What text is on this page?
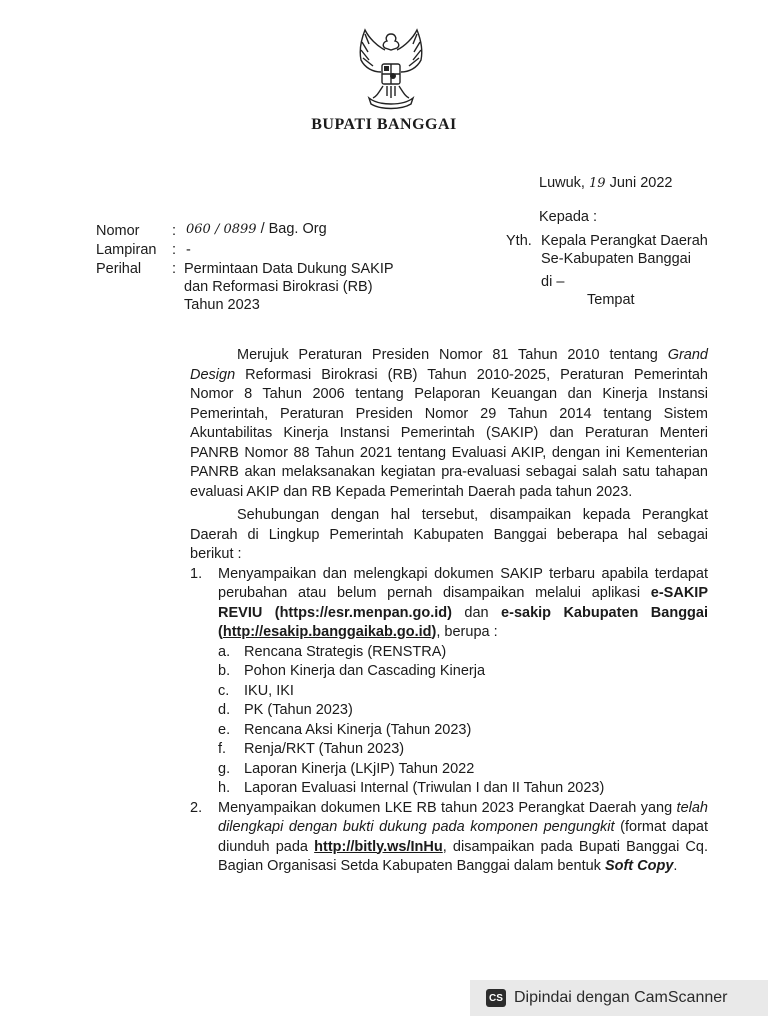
BUPATI BANGGAI
Luwuk, 19 Juni 2022
Kepada :
Yth. Kepala Perangkat Daerah
Se-Kabupaten Banggai
di –
Tempat
Nomor : 060 / 0899 / Bag. Org
Lampiran : -
Perihal : Permintaan Data Dukung SAKIP
dan Reformasi Birokrasi (RB)
Tahun 2023

Merujuk Peraturan Presiden Nomor 81 Tahun 2010 tentang Grand Design Reformasi Birokrasi (RB) Tahun 2010-2025, Peraturan Pemerintah Nomor 8 Tahun 2006 tentang Pelaporan Keuangan dan Kinerja Instansi Pemerintah, Peraturan Presiden Nomor 29 Tahun 2014 tentang Sistem Akuntabilitas Kinerja Instansi Pemerintah (SAKIP) dan Peraturan Menteri PANRB Nomor 88 Tahun 2021 tentang Evaluasi AKIP, dengan ini Kementerian PANRB akan melaksanakan kegiatan pra-evaluasi sebagai salah satu tahapan evaluasi AKIP dan RB Kepada Pemerintah Daerah pada tahun 2023.

Sehubungan dengan hal tersebut, disampaikan kepada Perangkat Daerah di Lingkup Pemerintah Kabupaten Banggai beberapa hal sebagai berikut :

1. Menyampaikan dan melengkapi dokumen SAKIP terbaru apabila terdapat perubahan atau belum pernah disampaikan melalui aplikasi e-SAKIP REVIU (https://esr.menpan.go.id) dan e-sakip Kabupaten Banggai (http://esakip.banggaikab.go.id), berupa :
a. Rencana Strategis (RENSTRA)
b. Pohon Kinerja dan Cascading Kinerja
c. IKU, IKI
d. PK (Tahun 2023)
e. Rencana Aksi Kinerja (Tahun 2023)
f. Renja/RKT (Tahun 2023)
g. Laporan Kinerja (LKjIP) Tahun 2022
h. Laporan Evaluasi Internal (Triwulan I dan II Tahun 2023)
2. Menyampaikan dokumen LKE RB tahun 2023 Perangkat Daerah yang telah dilengkapi dengan bukti dukung pada komponen pengungkit (format dapat diunduh pada http://bitly.ws/InHu, disampaikan pada Bupati Banggai Cq. Bagian Organisasi Setda Kabupaten Banggai dalam bentuk Soft Copy.
CS Dipindai dengan CamScanner
